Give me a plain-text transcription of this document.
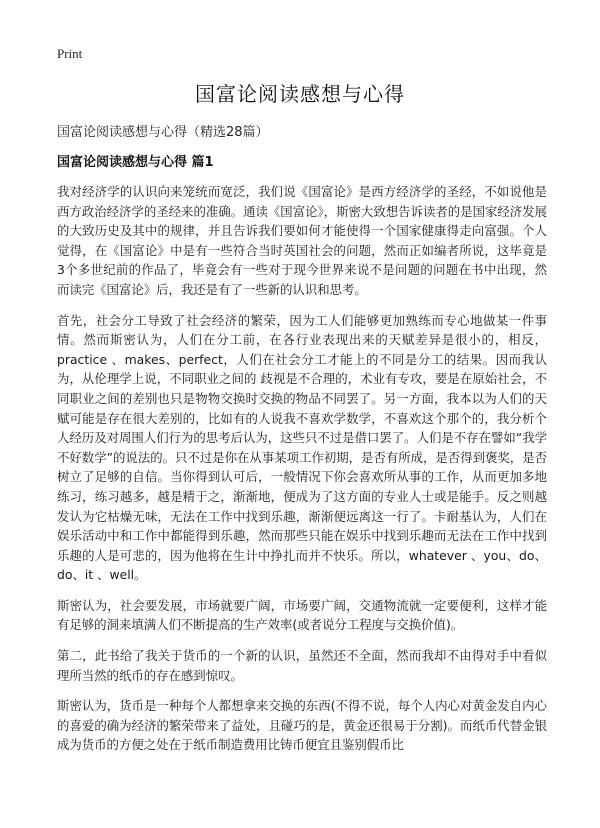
Print
国富论阅读感想与心得
国富论阅读感想与心得（精选28篇）
国富论阅读感想与心得 篇1

我对经济学的认识向来笼统而宽泛，我们说《国富论》是西方经济学的圣经，不如说他是西方政治经济学的圣经来的准确。通读《国富论》，斯密大致想告诉读者的是国家经济发展的大致历史及其中的规律，并且告诉我们要如何才能使得一个国家健康得走向富强。个人觉得，在《国富论》中是有一些符合当时英国社会的问题，然而正如编者所说，这毕竟是3个多世纪前的作品了，毕竟会有一些对于现今世界来说不是问题的问题在书中出现，然而读完《国富论》后，我还是有了一些新的认识和思考。

首先，社会分工导致了社会经济的繁荣，因为工人们能够更加熟练而专心地做某一件事情。然而斯密认为，人们在分工前，在各行业表现出来的天赋差异是很小的，相反，practice 、makes、perfect，人们在社会分工才能上的不同是分工的结果。因而我认为，从伦理学上说，不同职业之间的 歧视是不合理的，术业有专攻，要是在原始社会，不同职业之间的差别也只是物物交换时交换的物品不同罢了。另一方面，我本以为人们的天赋可能是存在很大差别的，比如有的人说我不喜欢学数学，不喜欢这个那个的，我分析个人经历及对周围人们行为的思考后认为，这些只不过是借口罢了。人们是不存在譬如“我学不好数学”的说法的。只不过是你在从事某项工作初期，是否有所成，是否得到褒奖，是否树立了足够的自信。当你得到认可后，一般情况下你会喜欢所从事的工作，从而更加多地练习，练习越多，越是精于之，渐渐地，便成为了这方面的专业人士或是能手。反之则越发认为它枯燥无味，无法在工作中找到乐趣，渐渐便远离这一行了。卡耐基认为，人们在娱乐活动中和工作中都能得到乐趣，然而那些只能在娱乐中找到乐趣而无法在工作中找到乐趣的人是可悲的，因为他将在生计中挣扎而并不快乐。所以，whatever 、you、do、do、it 、well。

斯密认为，社会要发展，市场就要广阔，市场要广阔，交通物流就一定要便利，这样才能有足够的洞来填满人们不断提高的生产效率(或者说分工程度与交换价值)。

第二，此书给了我关于货币的一个新的认识，虽然还不全面，然而我却不由得对手中看似理所当然的纸币的存在感到惊叹。

斯密认为，货币是一种每个人都想拿来交换的东西(不得不说，每个人内心对黄金发自内心的喜爱的确为经济的繁荣带来了益处，且碰巧的是，黄金还很易于分割)。而纸币代替金银成为货币的方便之处在于纸币制造费用比铸币便宜且鉴别假币比
